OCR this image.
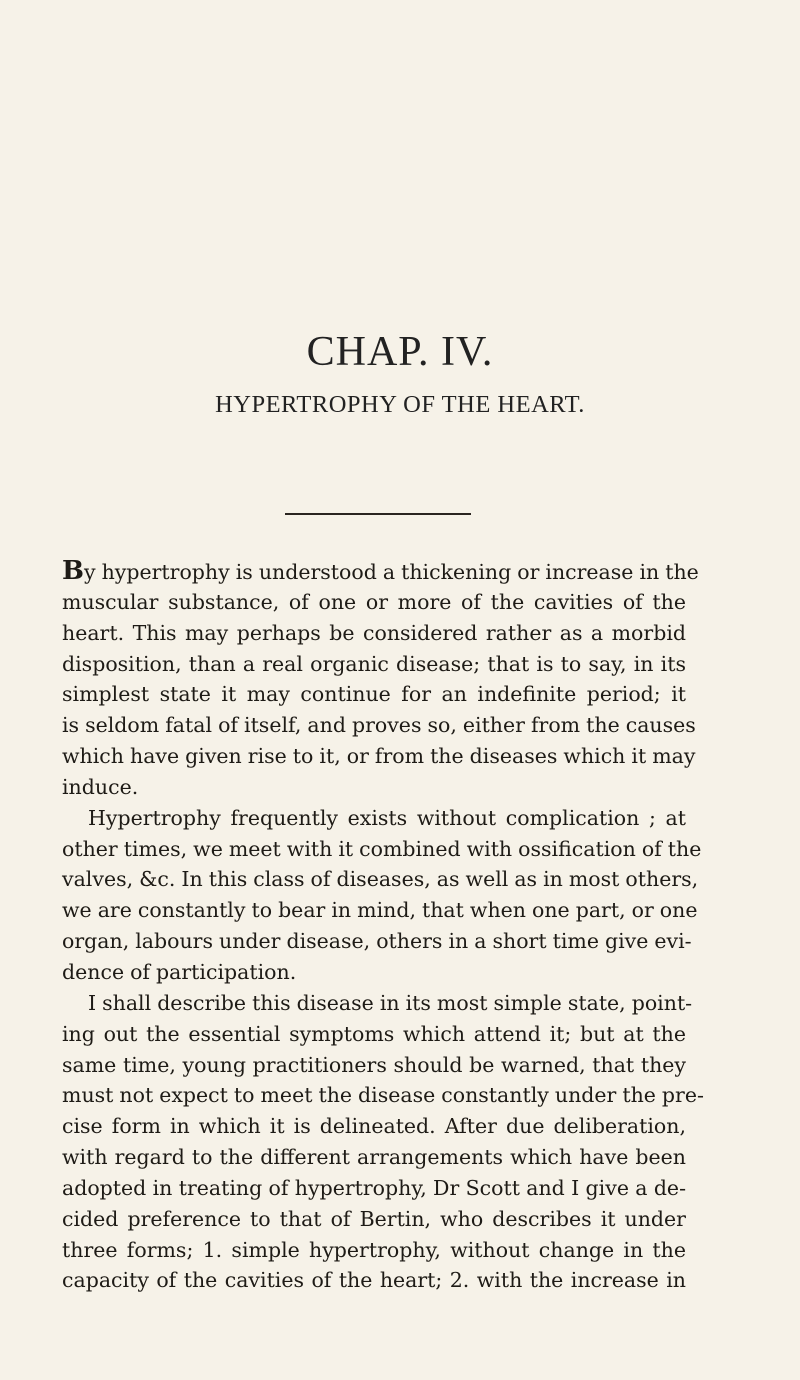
CHAP. IV.
HYPERTROPHY OF THE HEART.
By hypertrophy is understood a thickening or increase in the
muscular substance, of one or more of the cavities of the
heart. This may perhaps be considered rather as a morbid
disposition, than a real organic disease; that is to say, in its
simplest state it may continue for an indefinite period; it
is seldom fatal of itself, and proves so, either from the causes
which have given rise to it, or from the diseases which it may
induce.
Hypertrophy frequently exists without complication ; at
other times, we meet with it combined with ossification of the
valves, &c. In this class of diseases, as well as in most others,
we are constantly to bear in mind, that when one part, or one
organ, labours under disease, others in a short time give evi-
dence of participation.
I shall describe this disease in its most simple state, point-
ing out the essential symptoms which attend it; but at the
same time, young practitioners should be warned, that they
must not expect to meet the disease constantly under the pre-
cise form in which it is delineated. After due deliberation,
with regard to the different arrangements which have been
adopted in treating of hypertrophy, Dr Scott and I give a de-
cided preference to that of Bertin, who describes it under
three forms; 1. simple hypertrophy, without change in the
capacity of the cavities of the heart; 2. with the increase in
